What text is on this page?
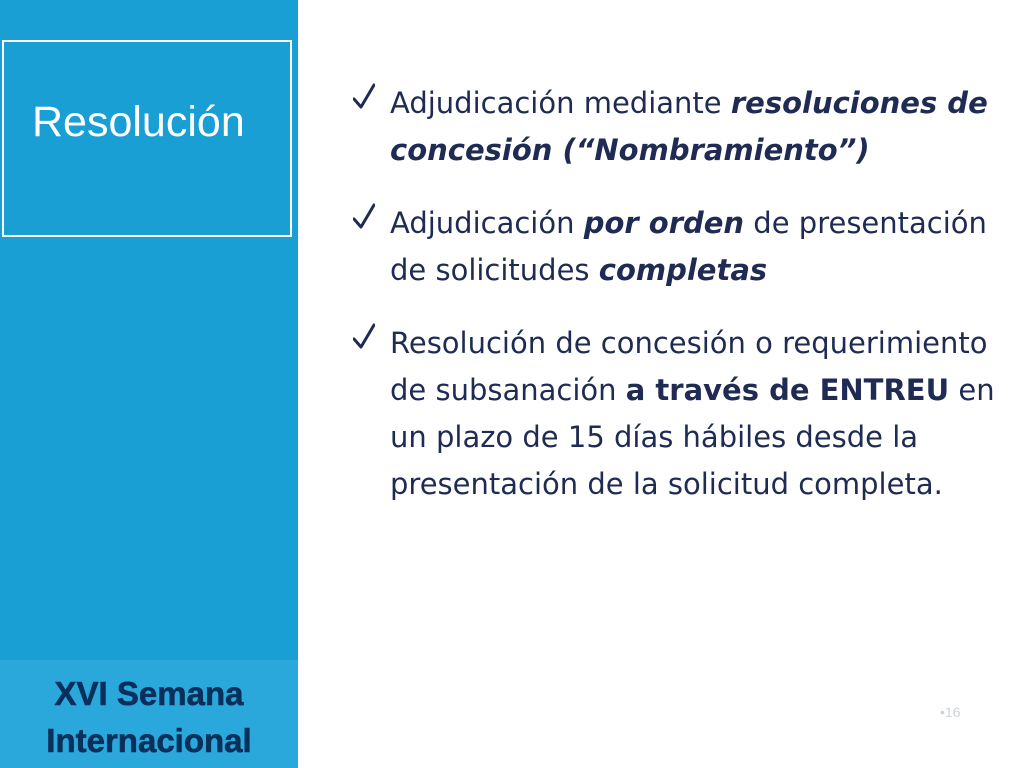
Resolución

XVI Semana

Internacional

Adjudicación mediante resoluciones de concesión (“Nombramiento”)
Adjudicación por orden de presentación de solicitudes completas
Resolución de concesión o requerimiento de subsanación a través de ENTREU en un plazo de 15 días hábiles desde la presentación de la solicitud completa.
•16
